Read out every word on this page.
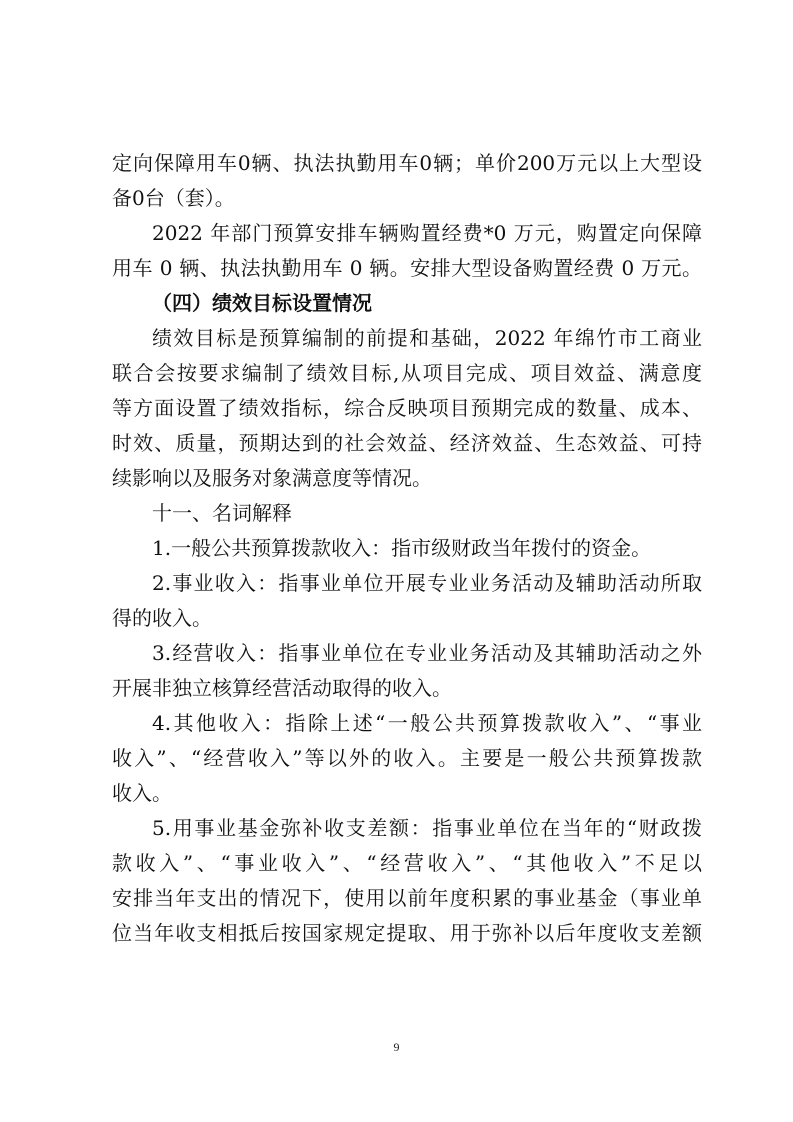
定向保障用车0辆、执法执勤用车0辆；单价200万元以上大型设
备0台（套）。
2022 年部门预算安排车辆购置经费*0 万元，购置定向保障
用车 0 辆、执法执勤用车 0 辆。安排大型设备购置经费 0 万元。
（四）绩效目标设置情况
绩效目标是预算编制的前提和基础，2022 年绵竹市工商业
联合会按要求编制了绩效目标,从项目完成、项目效益、满意度
等方面设置了绩效指标，综合反映项目预期完成的数量、成本、
时效、质量，预期达到的社会效益、经济效益、生态效益、可持
续影响以及服务对象满意度等情况。
十一、名词解释
1.一般公共预算拨款收入：指市级财政当年拨付的资金。
2.事业收入：指事业单位开展专业业务活动及辅助活动所取
得的收入。
3.经营收入：指事业单位在专业业务活动及其辅助活动之外
开展非独立核算经营活动取得的收入。
4.其他收入：指除上述“一般公共预算拨款收入”、“事业
收入”、“经营收入”等以外的收入。主要是一般公共预算拨款
收入。
5.用事业基金弥补收支差额：指事业单位在当年的“财政拨
款收入”、“事业收入”、“经营收入”、“其他收入”不足以
安排当年支出的情况下，使用以前年度积累的事业基金（事业单
位当年收支相抵后按国家规定提取、用于弥补以后年度收支差额
9
